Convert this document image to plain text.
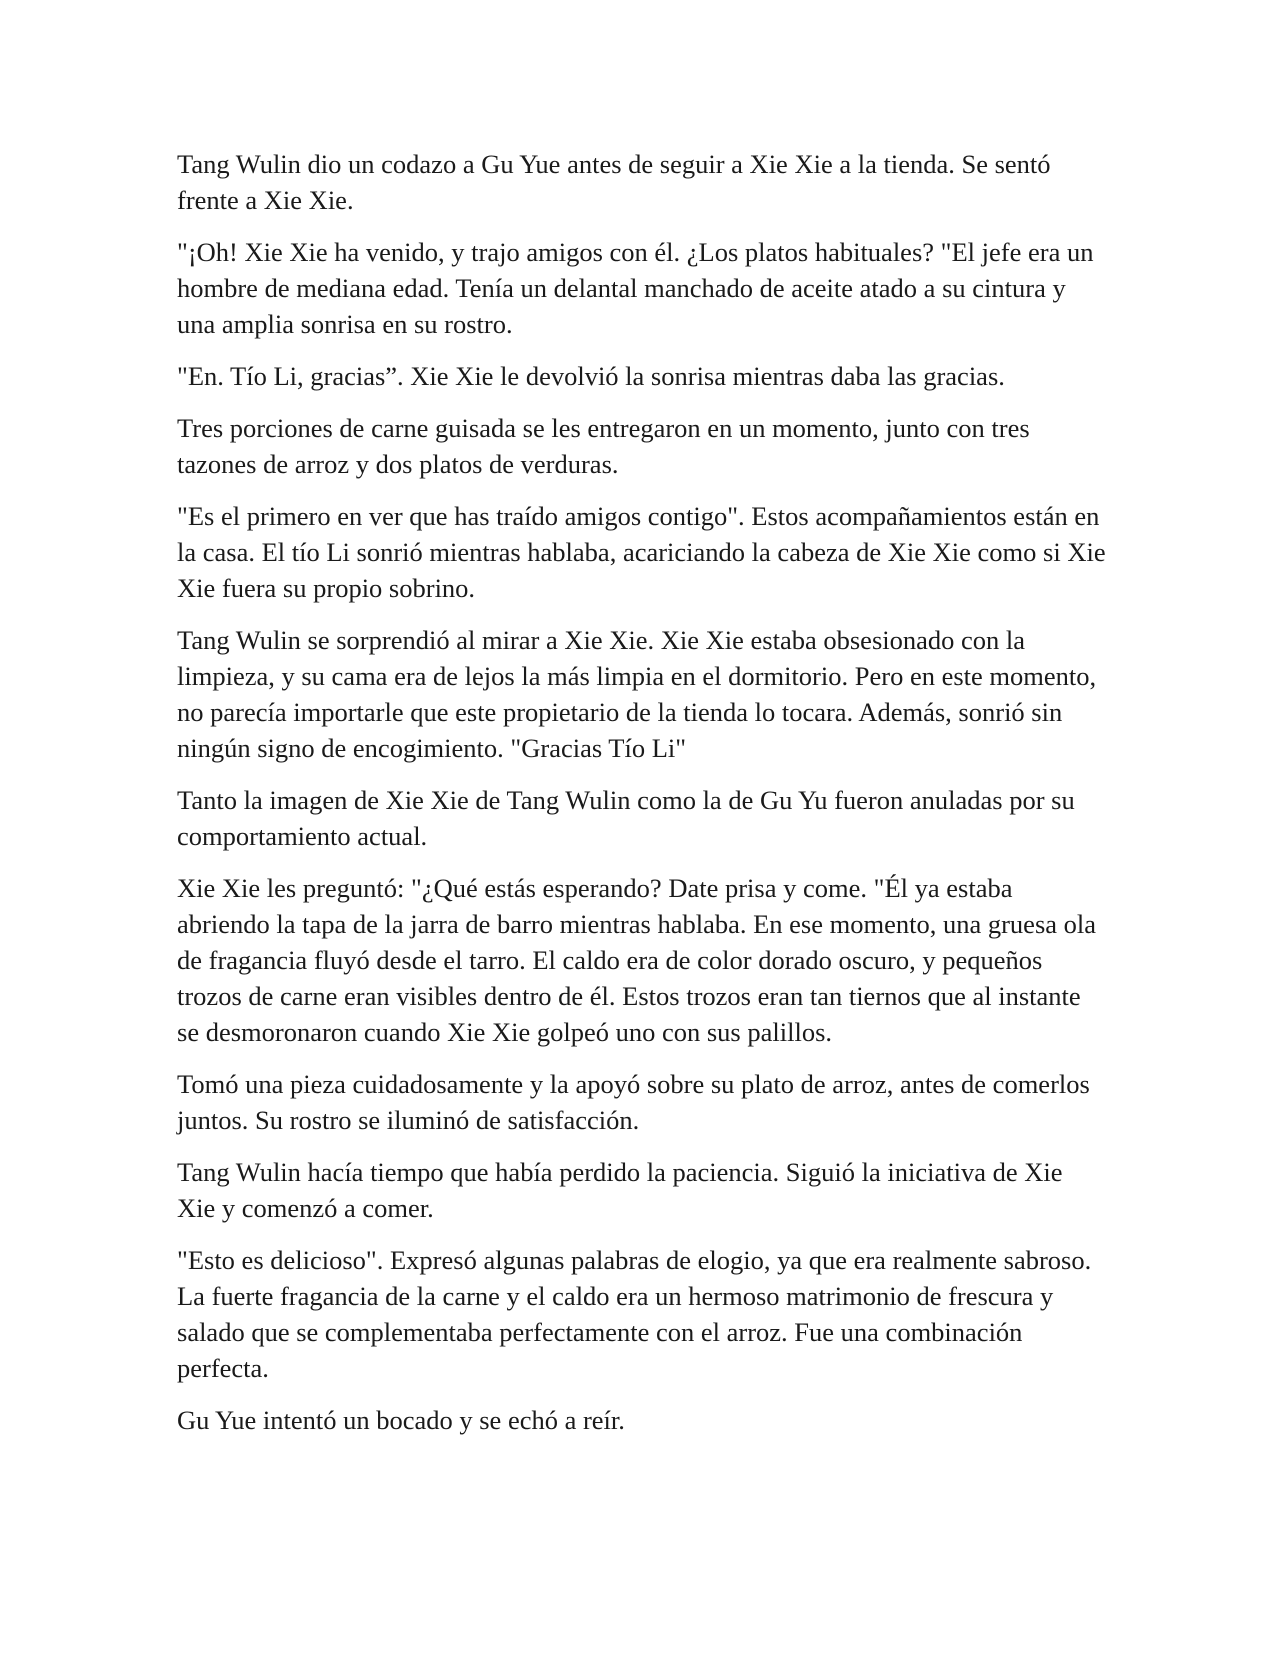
Tang Wulin dio un codazo a Gu Yue antes de seguir a Xie Xie a la tienda. Se sentó frente a Xie Xie.

"¡Oh! Xie Xie ha venido, y trajo amigos con él. ¿Los platos habituales? "El jefe era un hombre de mediana edad. Tenía un delantal manchado de aceite atado a su cintura y una amplia sonrisa en su rostro.

"En. Tío Li, gracias”. Xie Xie le devolvió la sonrisa mientras daba las gracias.

Tres porciones de carne guisada se les entregaron en un momento, junto con tres tazones de arroz y dos platos de verduras.

"Es el primero en ver que has traído amigos contigo". Estos acompañamientos están en la casa. El tío Li sonrió mientras hablaba, acariciando la cabeza de Xie Xie como si Xie Xie fuera su propio sobrino.

Tang Wulin se sorprendió al mirar a Xie Xie. Xie Xie estaba obsesionado con la limpieza, y su cama era de lejos la más limpia en el dormitorio. Pero en este momento, no parecía importarle que este propietario de la tienda lo tocara. Además, sonrió sin ningún signo de encogimiento. "Gracias Tío Li"

Tanto la imagen de Xie Xie de Tang Wulin como la de Gu Yu fueron anuladas por su comportamiento actual.

Xie Xie les preguntó: "¿Qué estás esperando? Date prisa y come. "Él ya estaba abriendo la tapa de la jarra de barro mientras hablaba. En ese momento, una gruesa ola de fragancia fluyó desde el tarro. El caldo era de color dorado oscuro, y pequeños trozos de carne eran visibles dentro de él. Estos trozos eran tan tiernos que al instante se desmoronaron cuando Xie Xie golpeó uno con sus palillos.

Tomó una pieza cuidadosamente y la apoyó sobre su plato de arroz, antes de comerlos juntos. Su rostro se iluminó de satisfacción.

Tang Wulin hacía tiempo que había perdido la paciencia. Siguió la iniciativa de Xie Xie y comenzó a comer.

"Esto es delicioso". Expresó algunas palabras de elogio, ya que era realmente sabroso. La fuerte fragancia de la carne y el caldo era un hermoso matrimonio de frescura y salado que se complementaba perfectamente con el arroz. Fue una combinación perfecta.

Gu Yue intentó un bocado y se echó a reír.
